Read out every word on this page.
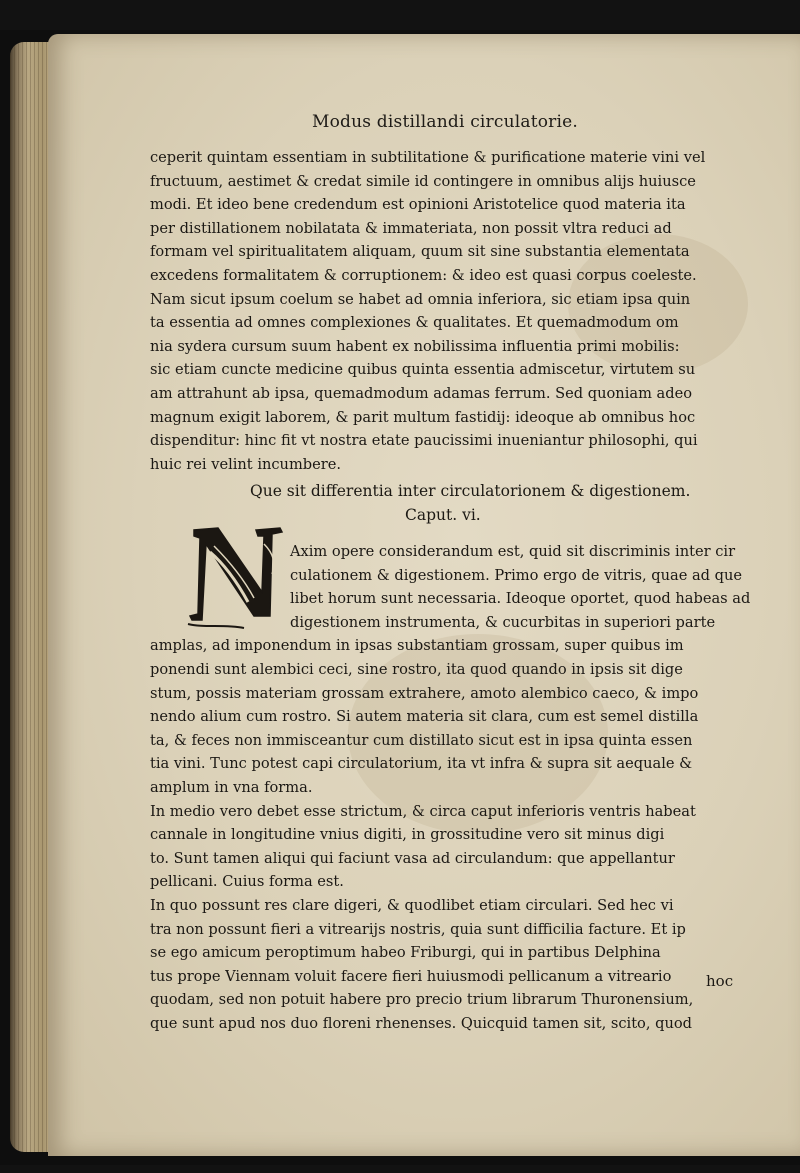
Modus distillandi circulatorie.
ceperit quintam essentiam in subtilitatione & purificatione materie vini vel
fructuum, aestimet & credat simile id contingere in omnibus alijs huiusce
modi. Et ideo bene credendum est opinioni Aristotelice quod materia ita
per distillationem nobilatata & immateriata, non possit vltra reduci ad
formam vel spiritualitatem aliquam, quum sit sine substantia elementata
excedens formalitatem & corruptionem: & ideo est quasi corpus coeleste.
Nam sicut ipsum coelum se habet ad omnia inferiora, sic etiam ipsa quin
ta essentia ad omnes complexiones & qualitates. Et quemadmodum om
nia sydera cursum suum habent ex nobilissima influentia primi mobilis:
sic etiam cuncte medicine quibus quinta essentia admiscetur, virtutem su
am attrahunt ab ipsa, quemadmodum adamas ferrum. Sed quoniam adeo
magnum exigit laborem, & parit multum fastidij: ideoque ab omnibus hoc
dispenditur: hinc fit vt nostra etate paucissimi inueniantur philosophi, qui
huic rei velint incumbere.
Que sit differentia inter circulatorionem & digestionem.
Caput. vi.
Axim opere considerandum est, quid sit discriminis inter cir
culationem & digestionem. Primo ergo de vitris, quae ad que
libet horum sunt necessaria. Ideoque oportet, quod habeas ad
digestionem instrumenta, & cucurbitas in superiori parte
amplas, ad imponendum in ipsas substantiam grossam, super quibus im
ponendi sunt alembici ceci, sine rostro, ita quod quando in ipsis sit dige
stum, possis materiam grossam extrahere, amoto alembico caeco, & impo
nendo alium cum rostro. Si autem materia sit clara, cum est semel distilla
ta, & feces non immisceantur cum distillato sicut est in ipsa quinta essen
tia vini. Tunc potest capi circulatorium, ita vt infra & supra sit aequale &
amplum in vna forma.
In medio vero debet esse strictum, & circa caput inferioris ventris habeat
cannale in longitudine vnius digiti, in grossitudine vero sit minus digi
to. Sunt tamen aliqui qui faciunt vasa ad circulandum: que appellantur
pellicani. Cuius forma est.
In quo possunt res clare digeri, & quodlibet etiam circulari. Sed hec vi
tra non possunt fieri a vitrearijs nostris, quia sunt difficilia facture. Et ip
se ego amicum peroptimum habeo Friburgi, qui in partibus Delphina
tus prope Viennam voluit facere fieri huiusmodi pellicanum a vitreario
quodam, sed non potuit habere pro precio trium librarum Thuronensium,
que sunt apud nos duo floreni rhenenses. Quicquid tamen sit, scito, quod
hoc
